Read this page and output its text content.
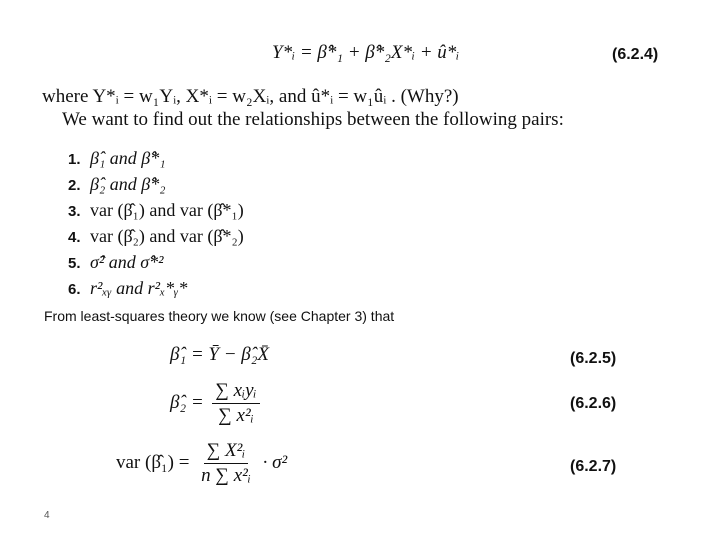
Y*ᵢ = β̂*₁ + β̂*₂X*ᵢ + û*ᵢ	(6.2.4)
where Y*ᵢ = w₁Yᵢ, X*ᵢ = w₂Xᵢ, and û*ᵢ = w₁ûᵢ . (Why?)
We want to find out the relationships between the following pairs:
1. β̂₁ and β̂*₁
2. β̂₂ and β̂*₂
3. var (β̂₁) and var (β̂*₁)
4. var (β̂₂) and var (β̂*₂)
5. σ̂² and σ̂*²
6. r²ₓᵧ and r²ₓ*ᵧ*
From least-squares theory we know (see Chapter 3) that
β̂₁ = Ȳ − β̂₂X̄	(6.2.5)
β̂₂ = $\frac{\text{∑ xᵢyᵢ}}{\text{∑ x²ᵢ}}$	(6.2.6)
var (β̂₁) = $\frac{\text{∑ X²ᵢ}}{\text{n ∑ x²ᵢ}} \cdot \sigma^2$	(6.2.7)
4
